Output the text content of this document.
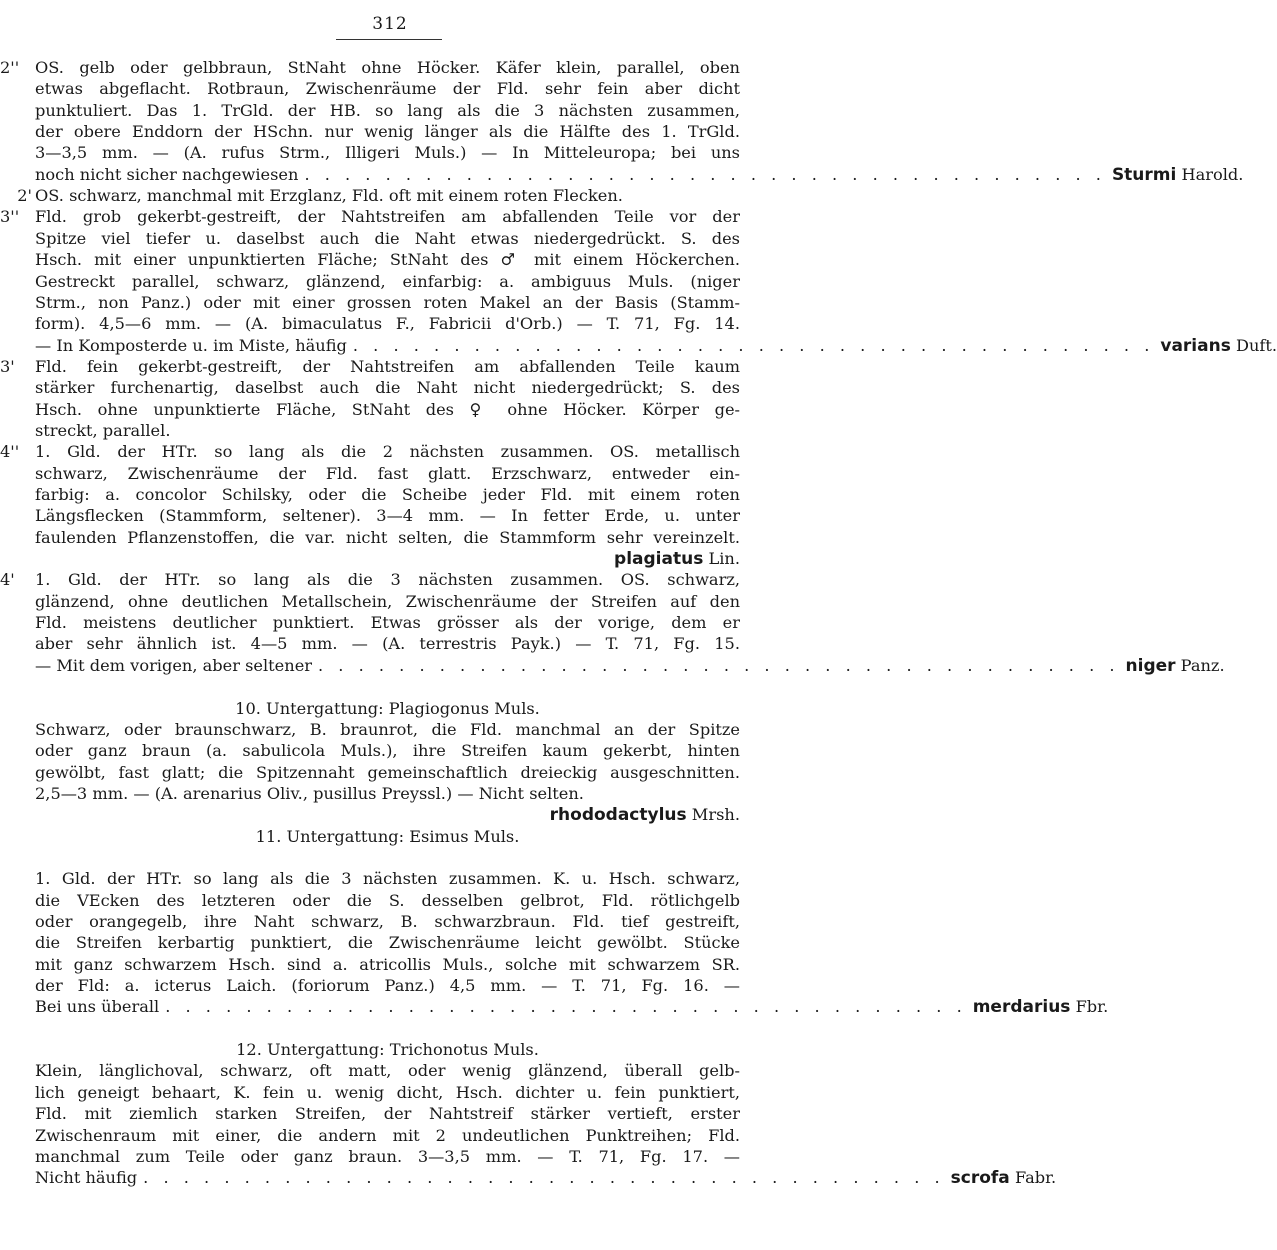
312
2'' OS. gelb oder gelbbraun, StNaht ohne Höcker. Käfer klein, parallel, oben
etwas abgeflacht. Rotbraun, Zwischenräume der Fld. sehr fein aber dicht
punktuliert. Das 1. TrGld. der HB. so lang als die 3 nächsten zusammen,
der obere Enddorn der HSchn. nur wenig länger als die Hälfte des 1. TrGld.
3—3,5 mm. — (A. rufus Strm., Illigeri Muls.) — In Mitteleuropa; bei uns
noch nicht sicher nachgewiesen . . . . . . . . . . . . . . . . . . . . . . . . . . . . . . . . . . . . . . . . Sturmi Harold.
2' OS. schwarz, manchmal mit Erzglanz, Fld. oft mit einem roten Flecken.
3'' Fld. grob gekerbt-gestreift, der Nahtstreifen am abfallenden Teile vor der
Spitze viel tiefer u. daselbst auch die Naht etwas niedergedrückt. S. des
Hsch. mit einer unpunktierten Fläche; StNaht des ♂ mit einem Höckerchen.
Gestreckt parallel, schwarz, glänzend, einfarbig: a. ambiguus Muls. (niger
Strm., non Panz.) oder mit einer grossen roten Makel an der Basis (Stamm-
form). 4,5—6 mm. — (A. bimaculatus F., Fabricii d'Orb.) — T. 71, Fg. 14.
— In Komposterde u. im Miste, häufig . . . . . . . . . . . . . . . . . . . . . . . . . . . . . . . . . . . . . . . . varians Duft.
3'	Fld. fein gekerbt-gestreift, der Nahtstreifen am abfallenden Teile kaum
stärker furchenartig, daselbst auch die Naht nicht niedergedrückt; S. des
Hsch. ohne unpunktierte Fläche, StNaht des ♀ ohne Höcker. Körper ge-
streckt, parallel.
4'' 1. Gld. der HTr. so lang als die 2 nächsten zusammen. OS. metallisch
schwarz, Zwischenräume der Fld. fast glatt. Erzschwarz, entweder ein-
farbig: a. concolor Schilsky, oder die Scheibe jeder Fld. mit einem roten
Längsflecken (Stammform, seltener). 3—4 mm. — In fetter Erde, u. unter
faulenden Pflanzenstoffen, die var. nicht selten, die Stammform sehr vereinzelt.
plagiatus Lin.
4'	1. Gld. der HTr. so lang als die 3 nächsten zusammen. OS. schwarz,
glänzend, ohne deutlichen Metallschein, Zwischenräume der Streifen auf den
Fld. meistens deutlicher punktiert. Etwas grösser als der vorige, dem er
aber sehr ähnlich ist. 4—5 mm. — (A. terrestris Payk.) — T. 71, Fg. 15.
— Mit dem vorigen, aber seltener . . . . . . . . . . . . . . . . . . . . . . . . . . . . . . . . . . . . . . . . niger Panz.
10. Untergattung: Plagiogonus Muls.
Schwarz, oder braunschwarz, B. braunrot, die Fld. manchmal an der Spitze
oder ganz braun (a. sabulicola Muls.), ihre Streifen kaum gekerbt, hinten
gewölbt, fast glatt; die Spitzennaht gemeinschaftlich dreieckig ausgeschnitten.
2,5—3 mm. — (A. arenarius Oliv., pusillus Preyssl.) — Nicht selten.
rhododactylus Mrsh.
11. Untergattung: Esimus Muls.
1. Gld. der HTr. so lang als die 3 nächsten zusammen. K. u. Hsch. schwarz,
die VEcken des letzteren oder die S. desselben gelbrot, Fld. rötlichgelb
oder orangegelb, ihre Naht schwarz, B. schwarzbraun. Fld. tief gestreift,
die Streifen kerbartig punktiert, die Zwischenräume leicht gewölbt. Stücke
mit ganz schwarzem Hsch. sind a. atricollis Muls., solche mit schwarzem SR.
der Fld: a. icterus Laich. (foriorum Panz.) 4,5 mm. — T. 71, Fg. 16. —
Bei uns überall . . . . . . . . . . . . . . . . . . . . . . . . . . . . . . . . . . . . . . . . merdarius Fbr.
12. Untergattung: Trichonotus Muls.
Klein, länglichoval, schwarz, oft matt, oder wenig glänzend, überall gelb-
lich geneigt behaart, K. fein u. wenig dicht, Hsch. dichter u. fein punktiert,
Fld. mit ziemlich starken Streifen, der Nahtstreif stärker vertieft, erster
Zwischenraum mit einer, die andern mit 2 undeutlichen Punktreihen; Fld.
manchmal zum Teile oder ganz braun. 3—3,5 mm. — T. 71, Fg. 17. —
Nicht häufig . . . . . . . . . . . . . . . . . . . . . . . . . . . . . . . . . . . . . . . . scrofa Fabr.
